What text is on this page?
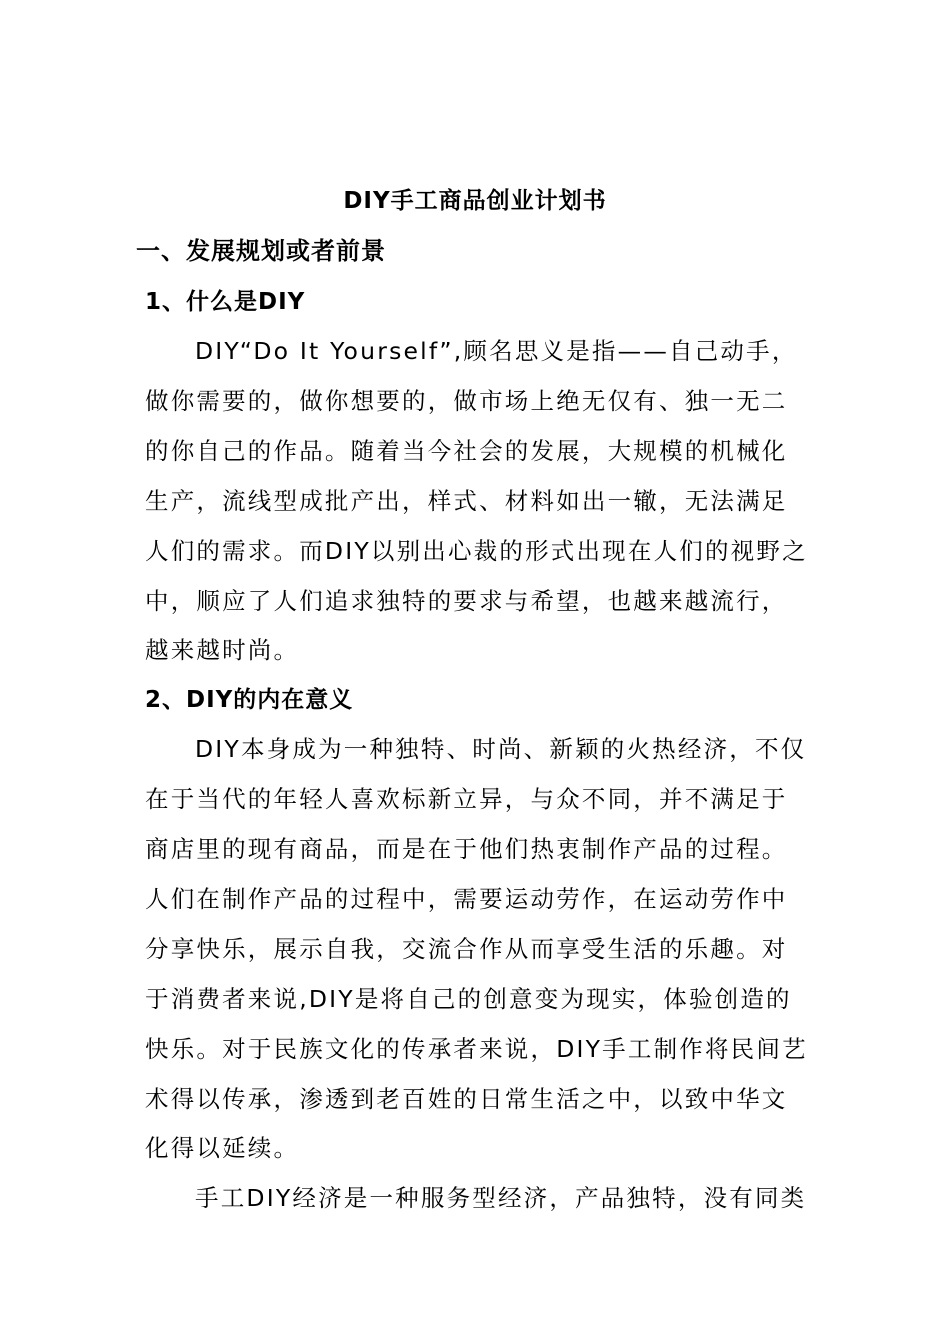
DIY手工商品创业计划书
一、发展规划或者前景
1、什么是DIY
DIY“Do It Yourself”,顾名思义是指——自己动手，
做你需要的，做你想要的，做市场上绝无仅有、独一无二
的你自己的作品。随着当今社会的发展，大规模的机械化
生产，流线型成批产出，样式、材料如出一辙，无法满足
人们的需求。而DIY以别出心裁的形式出现在人们的视野之
中，顺应了人们追求独特的要求与希望，也越来越流行，
越来越时尚。
2、DIY的内在意义
DIY本身成为一种独特、时尚、新颖的火热经济，不仅
在于当代的年轻人喜欢标新立异，与众不同，并不满足于
商店里的现有商品，而是在于他们热衷制作产品的过程。
人们在制作产品的过程中，需要运动劳作，在运动劳作中
分享快乐，展示自我，交流合作从而享受生活的乐趣。对
于消费者来说,DIY是将自己的创意变为现实，体验创造的
快乐。对于民族文化的传承者来说，DIY手工制作将民间艺
术得以传承，渗透到老百姓的日常生活之中，以致中华文
化得以延续。
手工DIY经济是一种服务型经济，产品独特，没有同类
